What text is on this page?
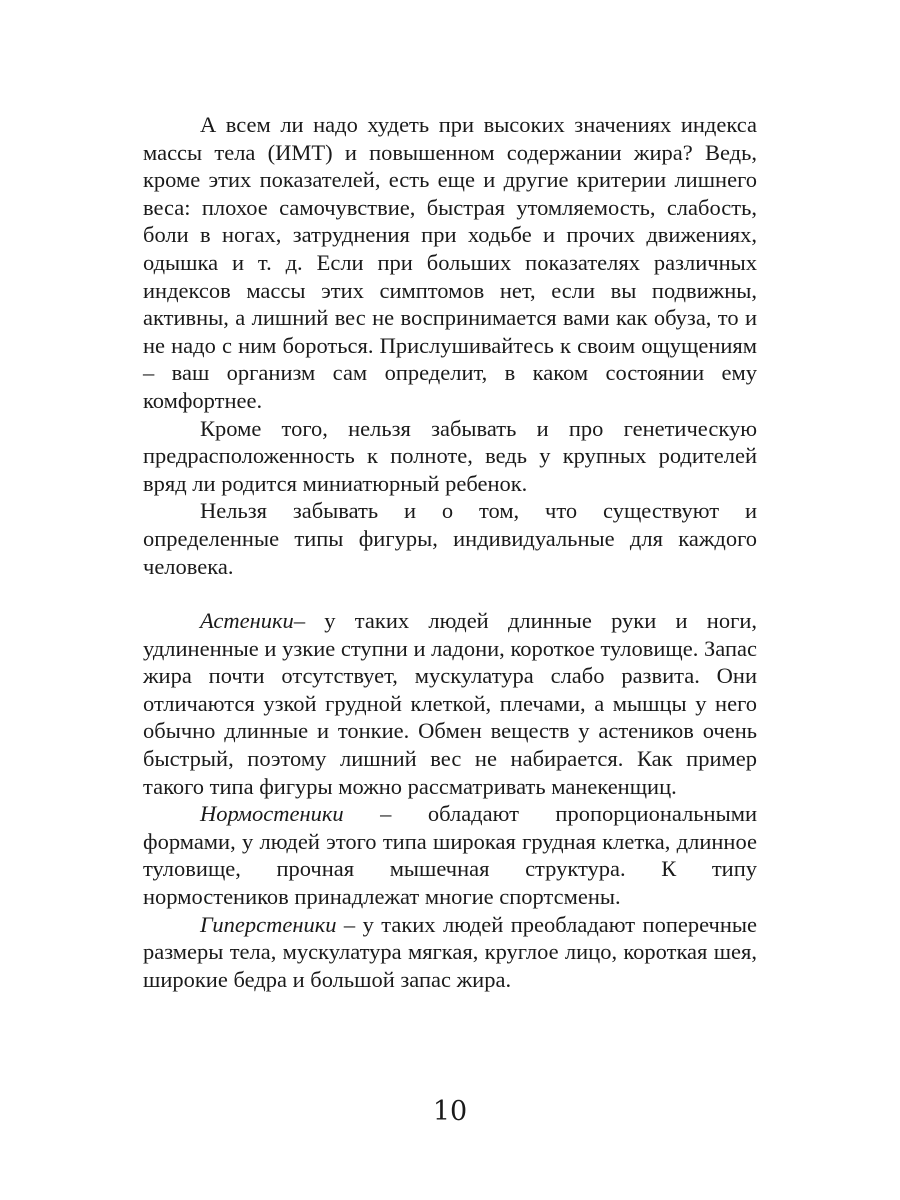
А всем ли надо худеть при высоких значениях индекса массы тела (ИМТ) и повышенном содержании жира? Ведь, кроме этих показателей, есть еще и другие критерии лишнего веса: плохое самочувствие, быстрая утомляемость, слабость, боли в ногах, затруднения при ходьбе и прочих движениях, одышка и т. д. Если при больших показателях различных индексов массы этих симптомов нет, если вы подвижны, активны, а лишний вес не воспринимается вами как обуза, то и не надо с ним бороться. Прислушивайтесь к своим ощущениям – ваш организм сам определит, в каком состоянии ему комфортнее.

Кроме того, нельзя забывать и про генетическую предрасположенность к полноте, ведь у крупных родителей вряд ли родится миниатюрный ребенок.

Нельзя забывать и о том, что существуют и определенные типы фигуры, индивидуальные для каждого человека.

Астеники– у таких людей длинные руки и ноги, удлиненные и узкие ступни и ладони, короткое туловище. Запас жира почти отсутствует, мускулатура слабо развита. Они отличаются узкой грудной клеткой, плечами, а мышцы у него обычно длинные и тонкие. Обмен веществ у астеников очень быстрый, поэтому лишний вес не набирается. Как пример такого типа фигуры можно рассматривать манекенщиц.

Нормостеники – обладают пропорциональными формами, у людей этого типа широкая грудная клетка, длинное туловище, прочная мышечная структура. К типу нормостеников принадлежат многие спортсмены.

Гиперстеники – у таких людей преобладают поперечные размеры тела, мускулатура мягкая, круглое лицо, короткая шея, широкие бедра и большой запас жира.

10
